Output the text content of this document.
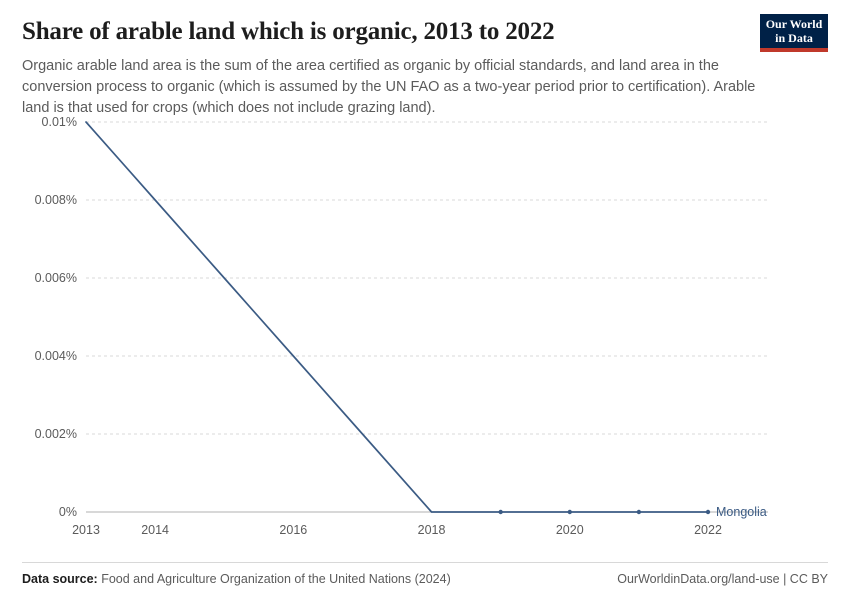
Share of arable land which is organic, 2013 to 2022

Organic arable land area is the sum of the area certified as organic by official standards, and land area in the conversion process to organic (which is assumed by the UN FAO as a two-year period prior to certification). Arable land is that used for crops (which does not include grazing land).

Our World
in Data
0%
0.002%
0.004%
0.006%
0.008%
0.01%
2013	2014	2016	2018	2020	2022
Mongolia
Data source: Food and Agriculture Organization of the United Nations (2024)	OurWorldinData.org/land-use | CC BY
